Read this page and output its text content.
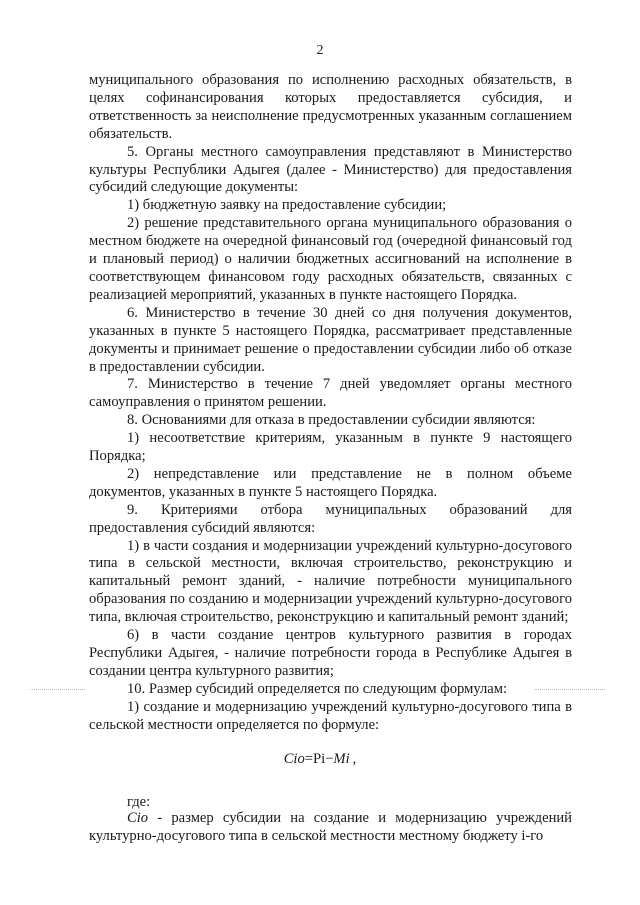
2

муниципального образования по исполнению расходных обязательств, в целях софинансирования которых предоставляется субсидия, и ответственность за неисполнение предусмотренных указанным соглашением обязательств.

5. Органы местного самоуправления представляют в Министерство культуры Республики Адыгея (далее - Министерство) для предоставления субсидий следующие документы:

1) бюджетную заявку на предоставление субсидии;

2) решение представительного органа муниципального образования о местном бюджете на очередной финансовый год (очередной финансовый год и плановый период) о наличии бюджетных ассигнований на исполнение в соответствующем финансовом году расходных обязательств, связанных с реализацией мероприятий, указанных в пункте настоящего Порядка.

6. Министерство в течение 30 дней со дня получения документов, указанных в пункте 5 настоящего Порядка, рассматривает представленные документы и принимает решение о предоставлении субсидии либо об отказе в предоставлении субсидии.

7. Министерство в течение 7 дней уведомляет органы местного самоуправления о принятом решении.

8. Основаниями для отказа в предоставлении субсидии являются:

1) несоответствие критериям, указанным в пункте 9 настоящего Порядка;

2) непредставление или представление не в полном объеме документов, указанных в пункте 5 настоящего Порядка.

9. Критериями отбора муниципальных образований для предоставления субсидий являются:

1) в части создания и модернизации учреждений культурно-досугового типа в сельской местности, включая строительство, реконструкцию и капитальный ремонт зданий, - наличие потребности муниципального образования по созданию и модернизации учреждений культурно-досугового типа, включая строительство, реконструкцию и капитальный ремонт зданий;

6) в части создание центров культурного развития в городах Республики Адыгея, - наличие потребности города в Республике Адыгея в создании центра культурного развития;

10. Размер субсидий определяется по следующим формулам:

1) создание и модернизацию учреждений культурно-досугового типа в сельской местности определяется по формуле:

Cio=Pi−Mi ,
где:

Cio - размер субсидии на создание и модернизацию учреждений культурно-досугового типа в сельской местности местному бюджету i-го
